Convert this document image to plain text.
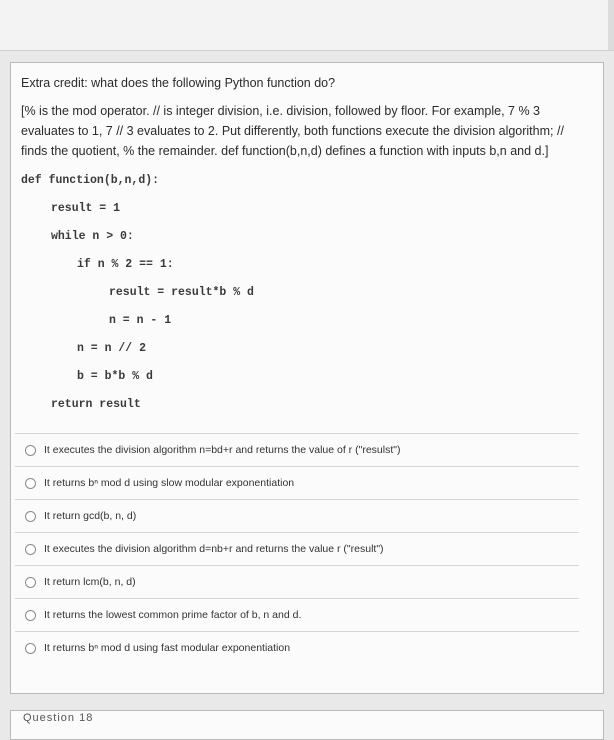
Extra credit: what does the following Python function do?

[% is the mod operator. // is integer division, i.e. division, followed by floor. For example, 7 % 3 evaluates to 1, 7 // 3 evaluates to 2. Put differently, both functions execute the division algorithm; // finds the quotient, % the remainder. def function(b,n,d) defines a function with inputs b,n and d.]

def function(b,n,d):
result = 1
while n > 0:
if n % 2 == 1:
result = result*b % d
n = n - 1
n = n // 2
b = b*b % d
return result
It executes the division algorithm n=bd+r and returns the value of r ("resulst")
It returns bⁿ mod d using slow modular exponentiation
It return gcd(b, n, d)
It executes the division algorithm d=nb+r and returns the value r ("result")
It return lcm(b, n, d)
It returns the lowest common prime factor of b, n and d.
It returns bⁿ mod d using fast modular exponentiation
Question 18
